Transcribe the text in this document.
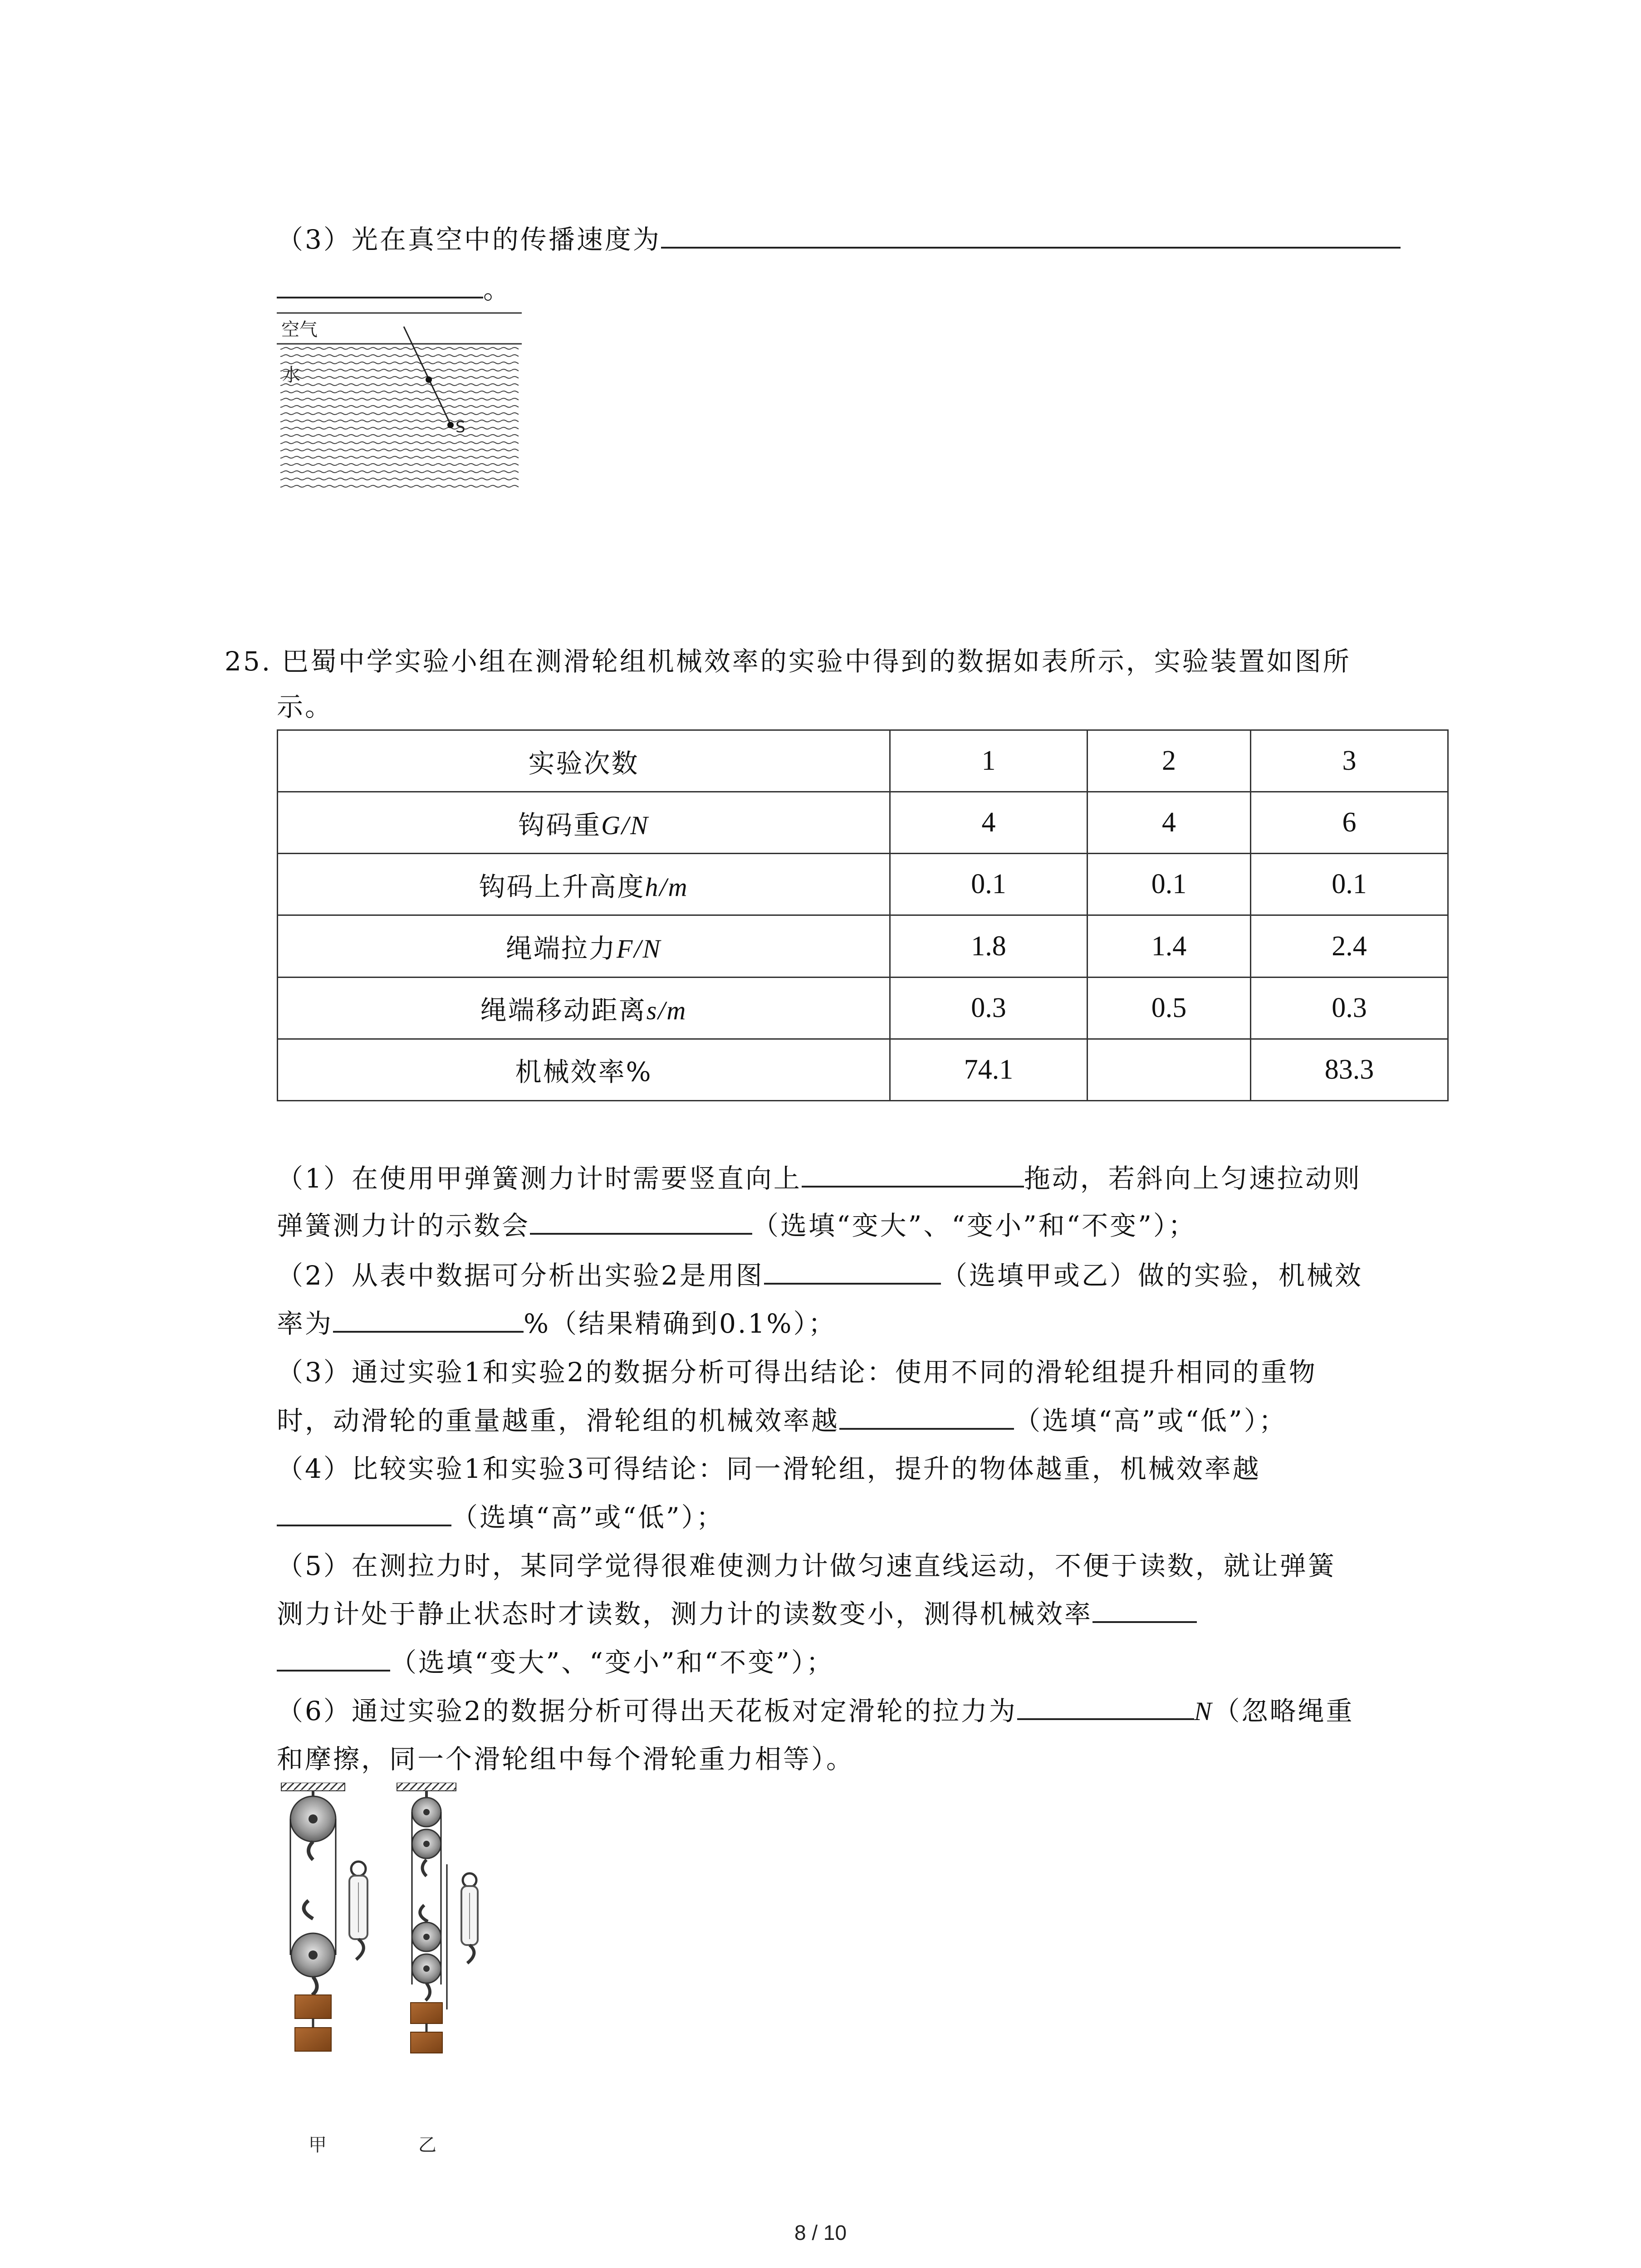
（3）光在真空中的传播速度为
。
空气
水
S
25. 巴蜀中学实验小组在测滑轮组机械效率的实验中得到的数据如表所示，实验装置如图所
示。
实验次数	1	2	3
钩码重G/N	4	4	6
钩码上升高度h/m	0.1	0.1	0.1
绳端拉力F/N	1.8	1.4	2.4
绳端移动距离s/m	0.3	0.5	0.3
机械效率%	74.1		83.3
（1）在使用甲弹簧测力计时需要竖直向上	拖动，若斜向上匀速拉动则
弹簧测力计的示数会	（选填“变大”、“变小”和“不变”）；
（2）从表中数据可分析出实验2是用图	（选填甲或乙）做的实验，机械效
率为	%（结果精确到0.1%）；
（3）通过实验1和实验2的数据分析可得出结论：使用不同的滑轮组提升相同的重物
时，动滑轮的重量越重，滑轮组的机械效率越	（选填“高”或“低”）；
（4）比较实验1和实验3可得结论：同一滑轮组，提升的物体越重，机械效率越
（选填“高”或“低”）；
（5）在测拉力时，某同学觉得很难使测力计做匀速直线运动，不便于读数，就让弹簧
测力计处于静止状态时才读数，测力计的读数变小，测得机械效率
（选填“变大”、“变小”和“不变”）；
（6）通过实验2的数据分析可得出天花板对定滑轮的拉力为	N（忽略绳重
和摩擦，同一个滑轮组中每个滑轮重力相等）。
甲	乙
8 / 10
